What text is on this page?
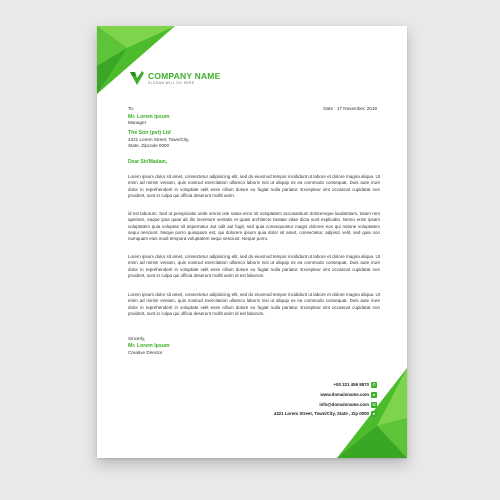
COMPANY NAME
SLOGAN WILL GO HERE
To,	Date : 17 November, 2019
Mr. Lorem Ipsum
Manager
The Son (pvt) Ltd
4321 Lorem Street, Town/City,
State, Zipcode 0000
Dear Sir/Madam,
Lorem ipsum dolor sit amet, consectetur adipisicing elit, sed do eiusmod tempor incididunt ut labore et dolore magna aliqua. Ut enim ad minim veniam, quis nostrud exercitation ullamco laboris nisi ut aliquip ex ea commodo consequat. Duis aute irure dolor in reprehenderit in voluptate velit esse cillum dolore eu fugiat nulla pariatur. Excepteur sint occaecat cupidatat non proident, sunt in culpa qui officia deserunt mollit anim.
id est laborum. Sed ut perspiciatis unde omnis iste natus error sit voluptatem accusantium doloremque laudantium, totam rem aperiam, eaque ipsa quae ab illo inventore veritatis et quasi architecto beatae vitae dicta sunt explicabo. Nemo enim ipsam voluptatem quia voluptas sit aspernatur aut odit aut fugit, sed quia consequuntur magni dolores eos qui ratione voluptatem sequi nesciunt. Neque porro quisquam est, qui dolorem ipsum quia dolor sit amet, consectetur, adipisci velit, sed quia non numquam eius modi tempora voluptatem sequi nesciunt. Neque porro.
Lorem ipsum dolor sit amet, consectetur adipisicing elit, sed do eiusmod tempor incididunt ut labore et dolore magna aliqua. Ut enim ad minim veniam, quis nostrud exercitation ullamco laboris nisi ut aliquip ex ea commodo consequat. Duis aute irure dolor in reprehenderit in voluptate velit esse cillum dolore eu fugiat nulla pariatur. Excepteur sint occaecat cupidatat non proident, sunt in culpa qui officia deserunt mollit anim id est laborum.
Lorem ipsum dolor sit amet, consectetur adipisicing elit, sed do eiusmod tempor incididunt ut labore et dolore magna aliqua. Ut enim ad minim veniam, quis nostrud exercitation ullamco laboris nisi ut aliquip ex ea commodo consequat. Duis aute irure dolor in reprehenderit in voluptate velit esse cillum dolore eu fugiat nulla pariatur. Excepteur sint occaecat cupidatat non proident, sunt in culpa qui officia deserunt mollit anim id est laborum.
Sincerly,
Mr. Lorem Ipsum
Creative Director
+00 321 456 9870 ✆
www.domainname.com ●
info@domainname.com ✉
4321 Lorem Street, Town/City, State , Zip 0000 ●
